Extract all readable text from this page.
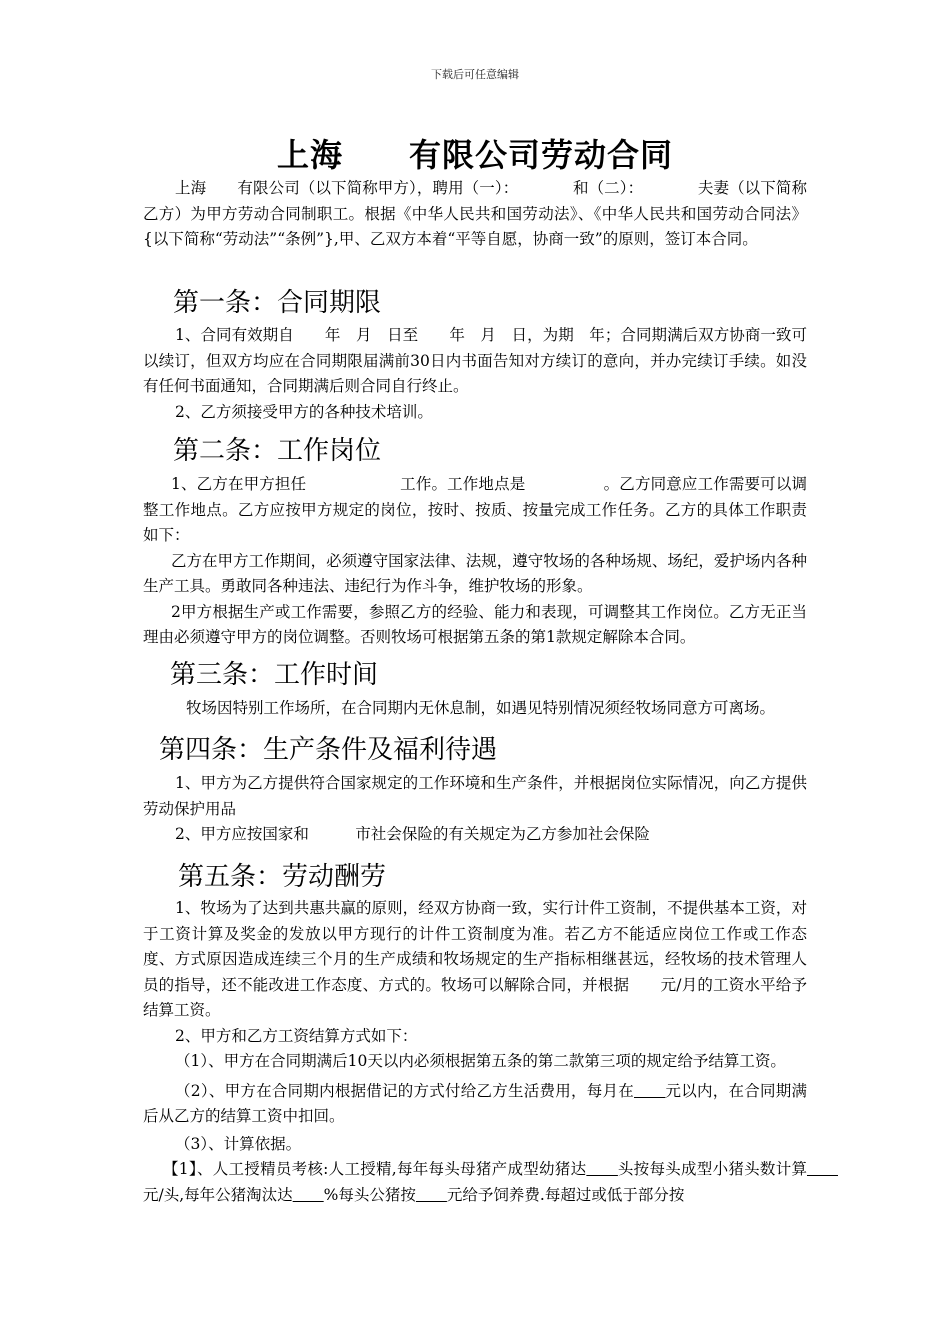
下载后可任意编辑
上海　　有限公司劳动合同

上海　　有限公司（以下简称甲方），聘用（一）：　　　　和（二）：　　　　夫妻（以下简称乙方）为甲方劳动合同制职工。根据《中华人民共和国劳动法》、《中华人民共和国劳动合同法》{以下简称“劳动法”“条例”},甲、乙双方本着“平等自愿，协商一致”的原则，签订本合同。

第一条：合同期限

1、合同有效期自　　年　月　日至　　年　月　日，为期　年；合同期满后双方协商一致可以续订，但双方均应在合同期限届满前30日内书面告知对方续订的意向，并办完续订手续。如没有任何书面通知，合同期满后则合同自行终止。

2、乙方须接受甲方的各种技术培训。

第二条：工作岗位

1、乙方在甲方担任　　　　　　工作。工作地点是　　　　　。乙方同意应工作需要可以调整工作地点。乙方应按甲方规定的岗位，按时、按质、按量完成工作任务。乙方的具体工作职责如下：

乙方在甲方工作期间，必须遵守国家法律、法规，遵守牧场的各种场规、场纪，爱护场内各种生产工具。勇敢同各种违法、违纪行为作斗争，维护牧场的形象。

2甲方根据生产或工作需要，参照乙方的经验、能力和表现，可调整其工作岗位。乙方无正当理由必须遵守甲方的岗位调整。否则牧场可根据第五条的第1款规定解除本合同。

第三条：工作时间

牧场因特别工作场所，在合同期内无休息制，如遇见特别情况须经牧场同意方可离场。

第四条：生产条件及福利待遇

1、甲方为乙方提供符合国家规定的工作环境和生产条件，并根据岗位实际情况，向乙方提供劳动保护用品

2、甲方应按国家和　　　市社会保险的有关规定为乙方参加社会保险

第五条：劳动酬劳

1、牧场为了达到共惠共赢的原则，经双方协商一致，实行计件工资制，不提供基本工资，对于工资计算及奖金的发放以甲方现行的计件工资制度为准。若乙方不能适应岗位工作或工作态度、方式原因造成连续三个月的生产成绩和牧场规定的生产指标相继甚远，经牧场的技术管理人员的指导，还不能改进工作态度、方式的。牧场可以解除合同，并根据　　元/月的工资水平给予结算工资。

2、甲方和乙方工资结算方式如下：

（1）、甲方在合同期满后10天以内必须根据第五条的第二款第三项的规定给予结算工资。

（2）、甲方在合同期内根据借记的方式付给乙方生活费用，每月在　　 元以内，在合同期满后从乙方的结算工资中扣回。

（3）、计算依据。

【1】、人工授精员考核:人工授精,每年每头母猪产成型幼猪达　　 头按每头成型小猪头数计算　　元/头,每年公猪淘汰达　　 %每头公猪按　　 元给予饲养费.每超过或低于部分按
